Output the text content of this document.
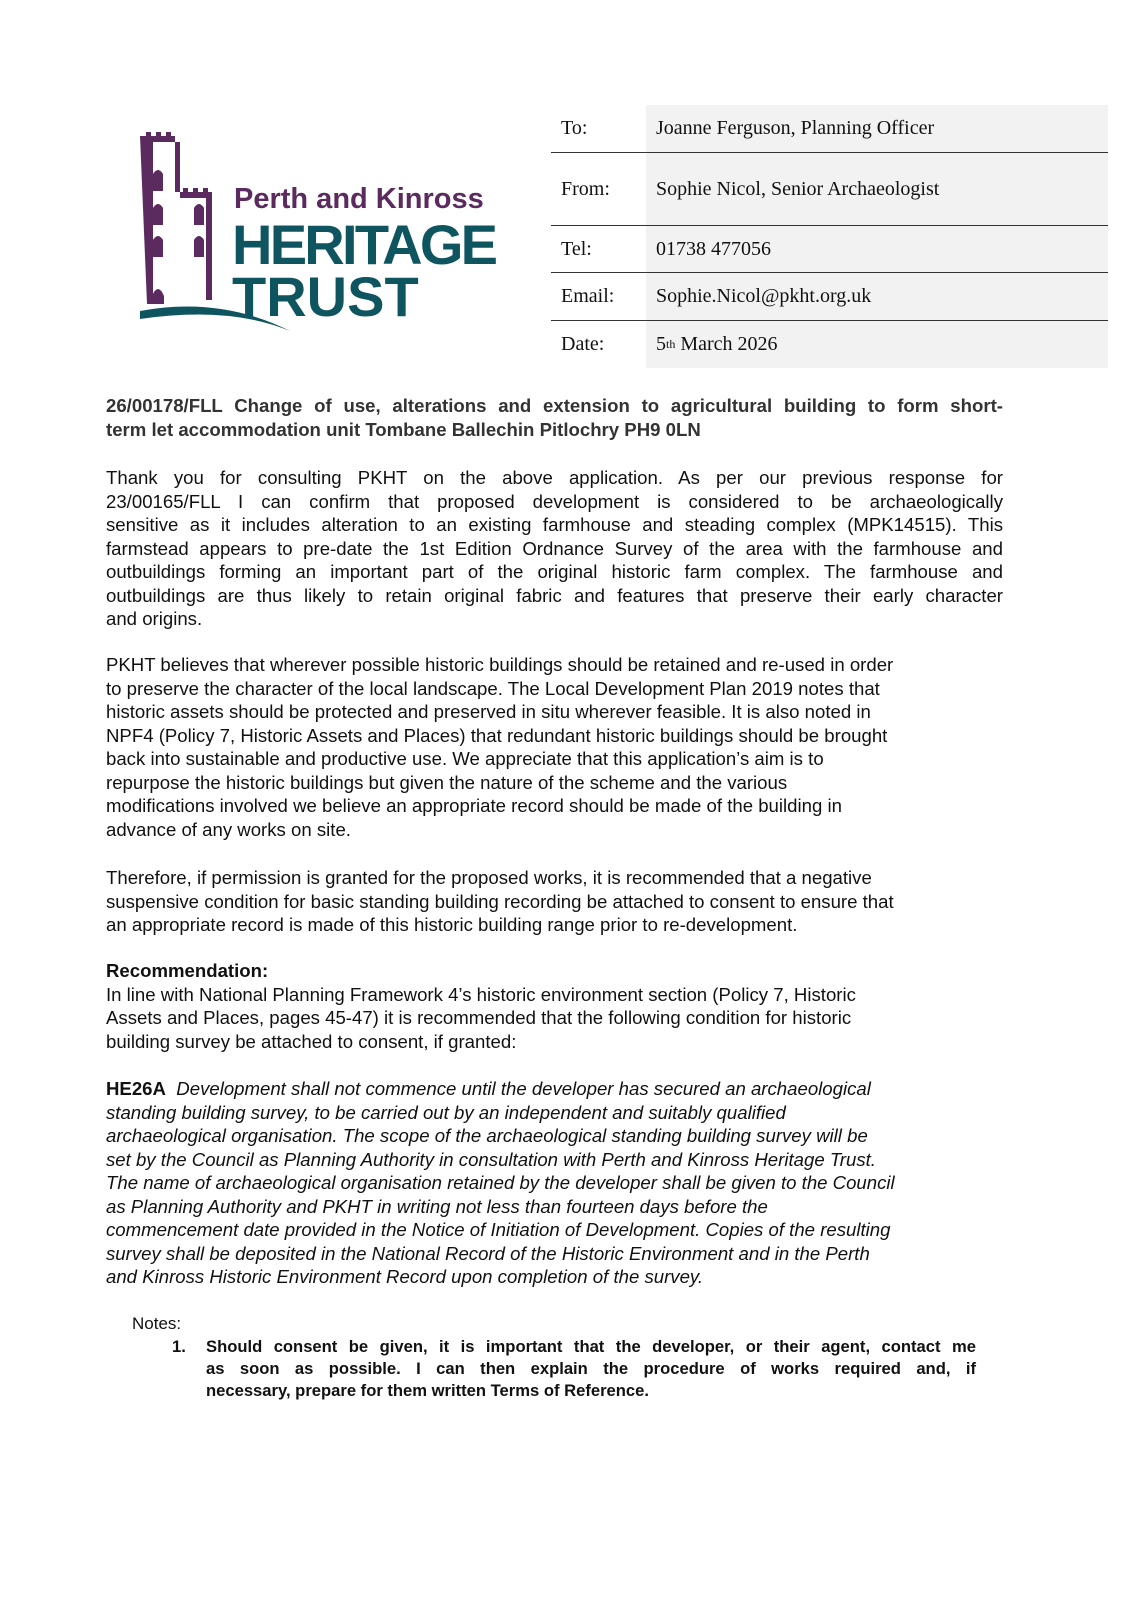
Perth and Kinross
HERITAGE
TRUST
To:	Joanne Ferguson, Planning Officer
From:	Sophie Nicol, Senior Archaeologist
Tel:	01738 477056
Email:	Sophie.Nicol@pkht.org.uk
Date:	5 th March 2026
26/00178/FLL Change of use, alterations and extension to agricultural building to form short-
term let accommodation unit Tombane Ballechin Pitlochry PH9 0LN
Thank you for consulting PKHT on the above application. As per our previous response for
23/00165/FLL I can confirm that proposed development is considered to be archaeologically
sensitive as it includes alteration to an existing farmhouse and steading complex (MPK14515). This
farmstead appears to pre-date the 1st Edition Ordnance Survey of the area with the farmhouse and
outbuildings forming an important part of the original historic farm complex. The farmhouse and
outbuildings are thus likely to retain original fabric and features that preserve their early character
and origins.
PKHT believes that wherever possible historic buildings should be retained and re-used in order
to preserve the character of the local landscape. The Local Development Plan 2019 notes that
historic assets should be protected and preserved in situ wherever feasible. It is also noted in
NPF4 (Policy 7, Historic Assets and Places) that redundant historic buildings should be brought
back into sustainable and productive use. We appreciate that this application’s aim is to
repurpose the historic buildings but given the nature of the scheme and the various
modifications involved we believe an appropriate record should be made of the building in
advance of any works on site.
Therefore, if permission is granted for the proposed works, it is recommended that a negative
suspensive condition for basic standing building recording be attached to consent to ensure that
an appropriate record is made of this historic building range prior to re-development.
Recommendation:
In line with National Planning Framework 4’s historic environment section (Policy 7, Historic
Assets and Places, pages 45-47) it is recommended that the following condition for historic
building survey be attached to consent, if granted:
HE26A Development shall not commence until the developer has secured an archaeological
standing building survey, to be carried out by an independent and suitably qualified
archaeological organisation. The scope of the archaeological standing building survey will be
set by the Council as Planning Authority in consultation with Perth and Kinross Heritage Trust.
The name of archaeological organisation retained by the developer shall be given to the Council
as Planning Authority and PKHT in writing not less than fourteen days before the
commencement date provided in the Notice of Initiation of Development. Copies of the resulting
survey shall be deposited in the National Record of the Historic Environment and in the Perth
and Kinross Historic Environment Record upon completion of the survey.
Notes:
1. Should consent be given, it is important that the developer, or their agent, contact me
as soon as possible. I can then explain the procedure of works required and, if
necessary, prepare for them written Terms of Reference.
